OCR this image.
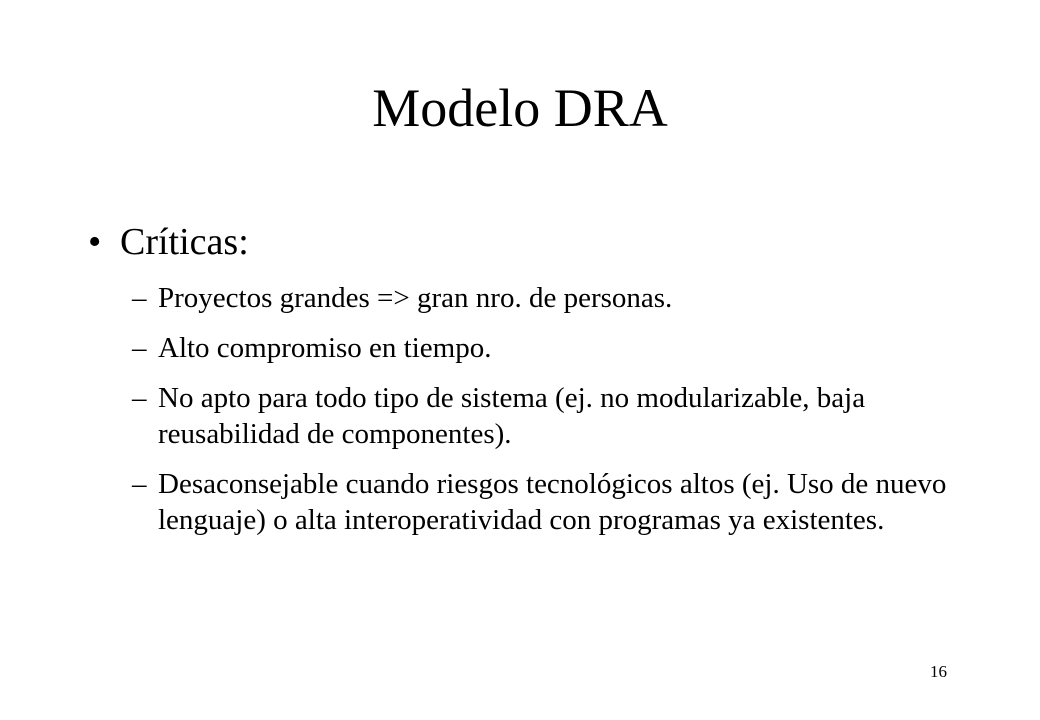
Modelo DRA
• Críticas:
– Proyectos grandes => gran nro. de personas.
– Alto compromiso en tiempo.
– No apto para todo tipo de sistema (ej. no modularizable, baja reusabilidad de componentes).
– Desaconsejable cuando riesgos tecnológicos altos (ej. Uso de nuevo lenguaje) o alta interoperatividad con programas ya existentes.
16
